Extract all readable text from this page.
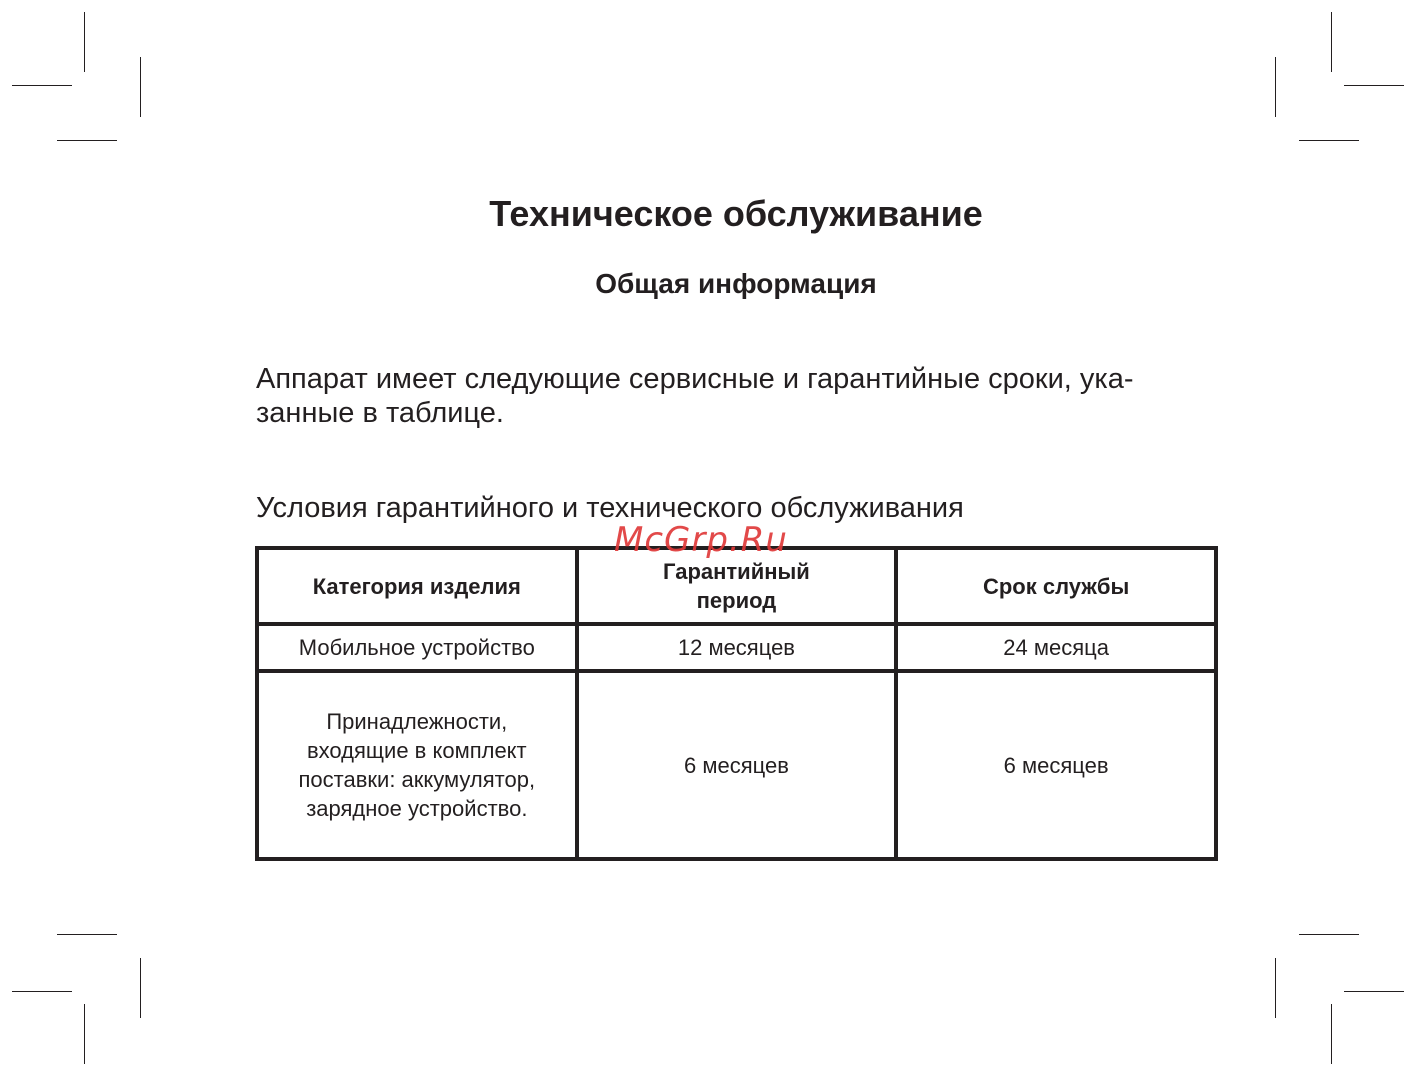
Техническое обслуживание
Общая информация

Аппарат имеет следующие сервисные и гарантийные сроки, ука-
занные в таблице.

Условия гарантийного и технического обслуживания

Категория изделия	Гарантийный период	Срок службы
Мобильное устройство	12 месяцев	24 месяца
Принадлежности, входящие в комплект поставки: аккумулятор, зарядное устройство.	6 месяцев	6 месяцев
McGrp.Ru
